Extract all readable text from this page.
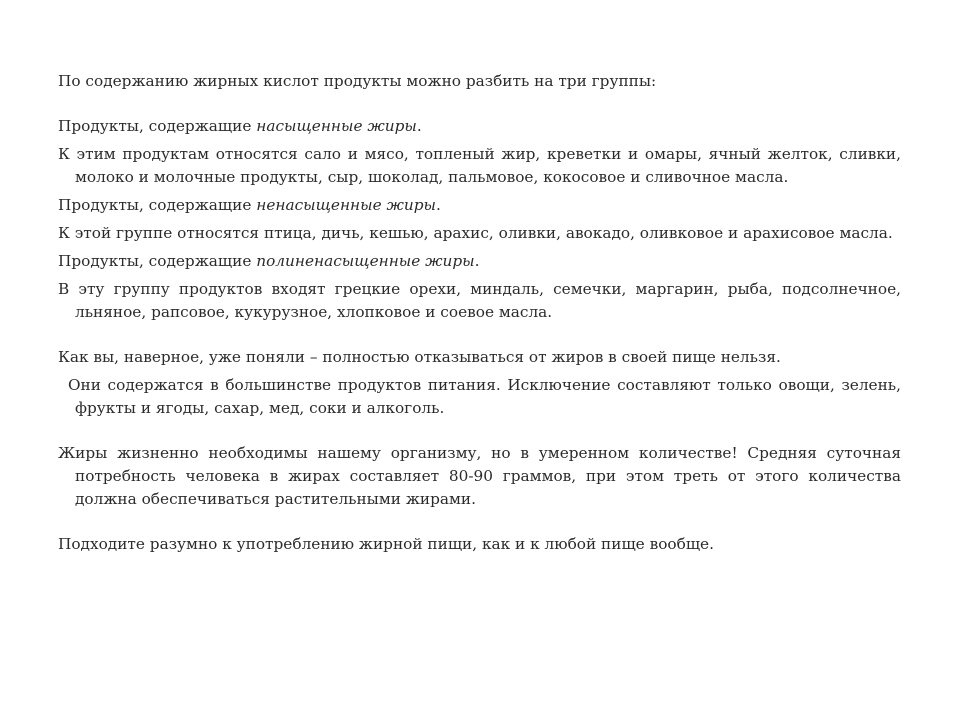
По содержанию жирных кислот продукты можно разбить на три группы:

Продукты, содержащие насыщенные жиры.

К этим продуктам относятся сало и мясо, топленый жир, креветки и омары, ячный желток, сливки, молоко и молочные продукты, сыр, шоколад, пальмовое, кокосовое и сливочное масла.

Продукты, содержащие ненасыщенные жиры.

К этой группе относятся птица, дичь, кешью, арахис, оливки, авокадо, оливковое и арахисовое масла.

Продукты, содержащие полиненасыщенные жиры.

В эту группу продуктов входят грецкие орехи, миндаль, семечки, маргарин, рыба, подсолнечное, льняное, рапсовое, кукурузное, хлопковое и соевое масла.

Как вы, наверное, уже поняли – полностью отказываться от жиров в своей пище нельзя.

Они содержатся в большинстве продуктов питания. Исключение составляют только овощи, зелень, фрукты и ягоды, сахар, мед, соки и алкоголь.

Жиры жизненно необходимы нашему организму, но в умеренном количестве! Средняя суточная потребность человека в жирах составляет 80-90 граммов, при этом треть от этого количества должна обеспечиваться растительными жирами.

Подходите разумно к употреблению жирной пищи, как и к любой пище вообще.
